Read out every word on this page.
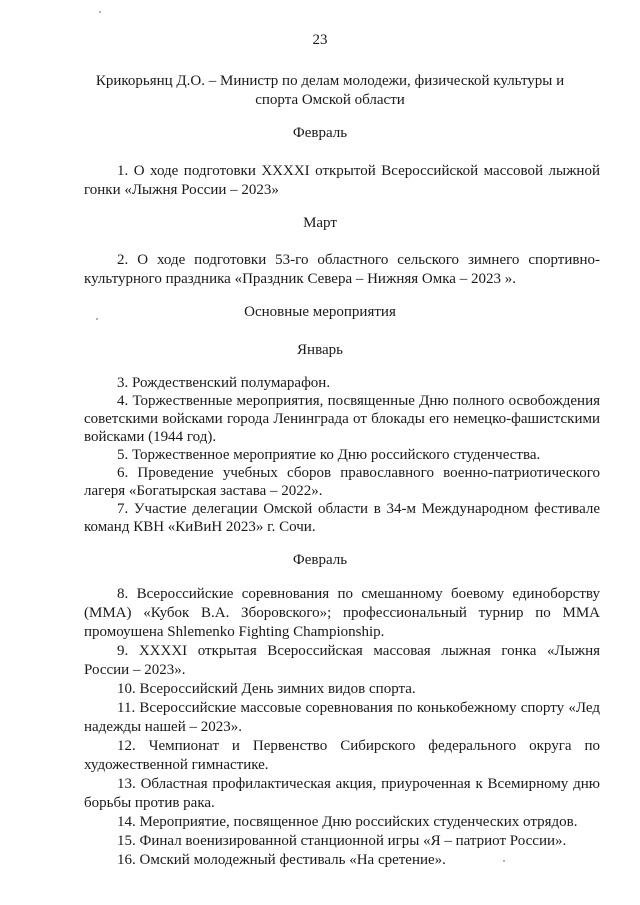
23
Крикорьянц Д.О. – Министр по делам молодежи, физической культуры и
спорта Омской области
Февраль
1. О ходе подготовки XXXXI открытой Всероссийской массовой лыжной гонки «Лыжня России – 2023»
Март
2. О ходе подготовки 53-го областного сельского зимнего спортивно-культурного праздника «Праздник Севера – Нижняя Омка – 2023 ».
Основные мероприятия
Январь
3. Рождественский полумарафон.
4. Торжественные мероприятия, посвященные Дню полного освобождения советскими войсками города Ленинграда от блокады его немецко-фашистскими войсками (1944 год).
5. Торжественное мероприятие ко Дню российского студенчества.
6. Проведение учебных сборов православного военно-патриотического лагеря «Богатырская застава – 2022».
7. Участие делегации Омской области в 34-м Международном фестивале команд КВН «КиВиН 2023» г. Сочи.
Февраль
8. Всероссийские соревнования по смешанному боевому единоборству (ММА) «Кубок В.А. Зборовского»; профессиональный турнир по ММА промоушена Shlemenko Fighting Championship.
9. XXXXI открытая Всероссийская массовая лыжная гонка «Лыжня России – 2023».
10. Всероссийский День зимних видов спорта.
11. Всероссийские массовые соревнования по конькобежному спорту «Лед надежды нашей – 2023».
12. Чемпионат и Первенство Сибирского федерального округа по художественной гимнастике.
13. Областная профилактическая акция, приуроченная к Всемирному дню борьбы против рака.
14. Мероприятие, посвященное Дню российских студенческих отрядов.
15. Финал военизированной станционной игры «Я – патриот России».
16. Омский молодежный фестиваль «На сретение».
